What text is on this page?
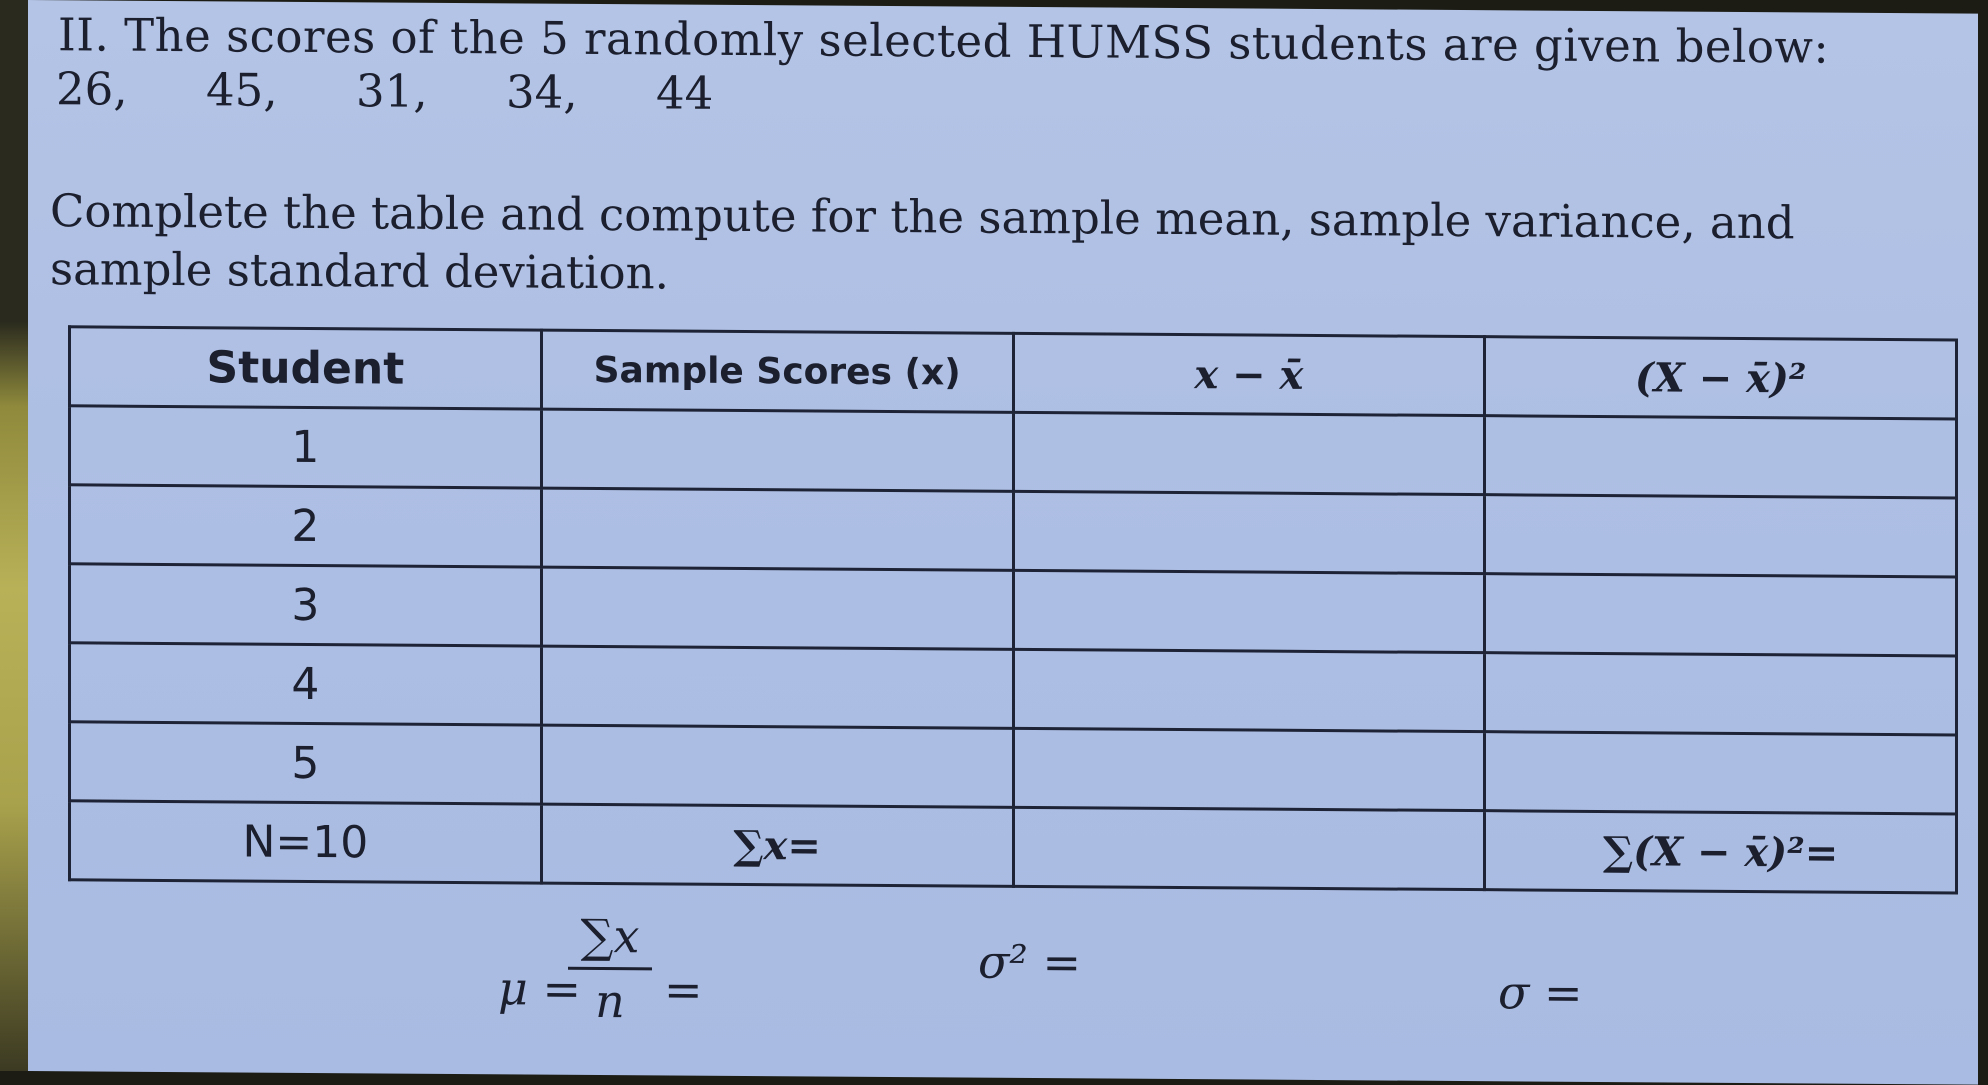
II. The scores of the 5 randomly selected HUMSS students are given below:
26,	45,	31,	34,	44
Complete the table and compute for the sample mean, sample variance, and sample standard deviation.
Student	Sample Scores (x)	x − x̄	(X − x̄)²
1			
2			
3			
4			
5			
N=10	∑x=		∑(X − x̄)²=
μ =
$\frac{\sum x}{n}$ =
σ² =
σ =
